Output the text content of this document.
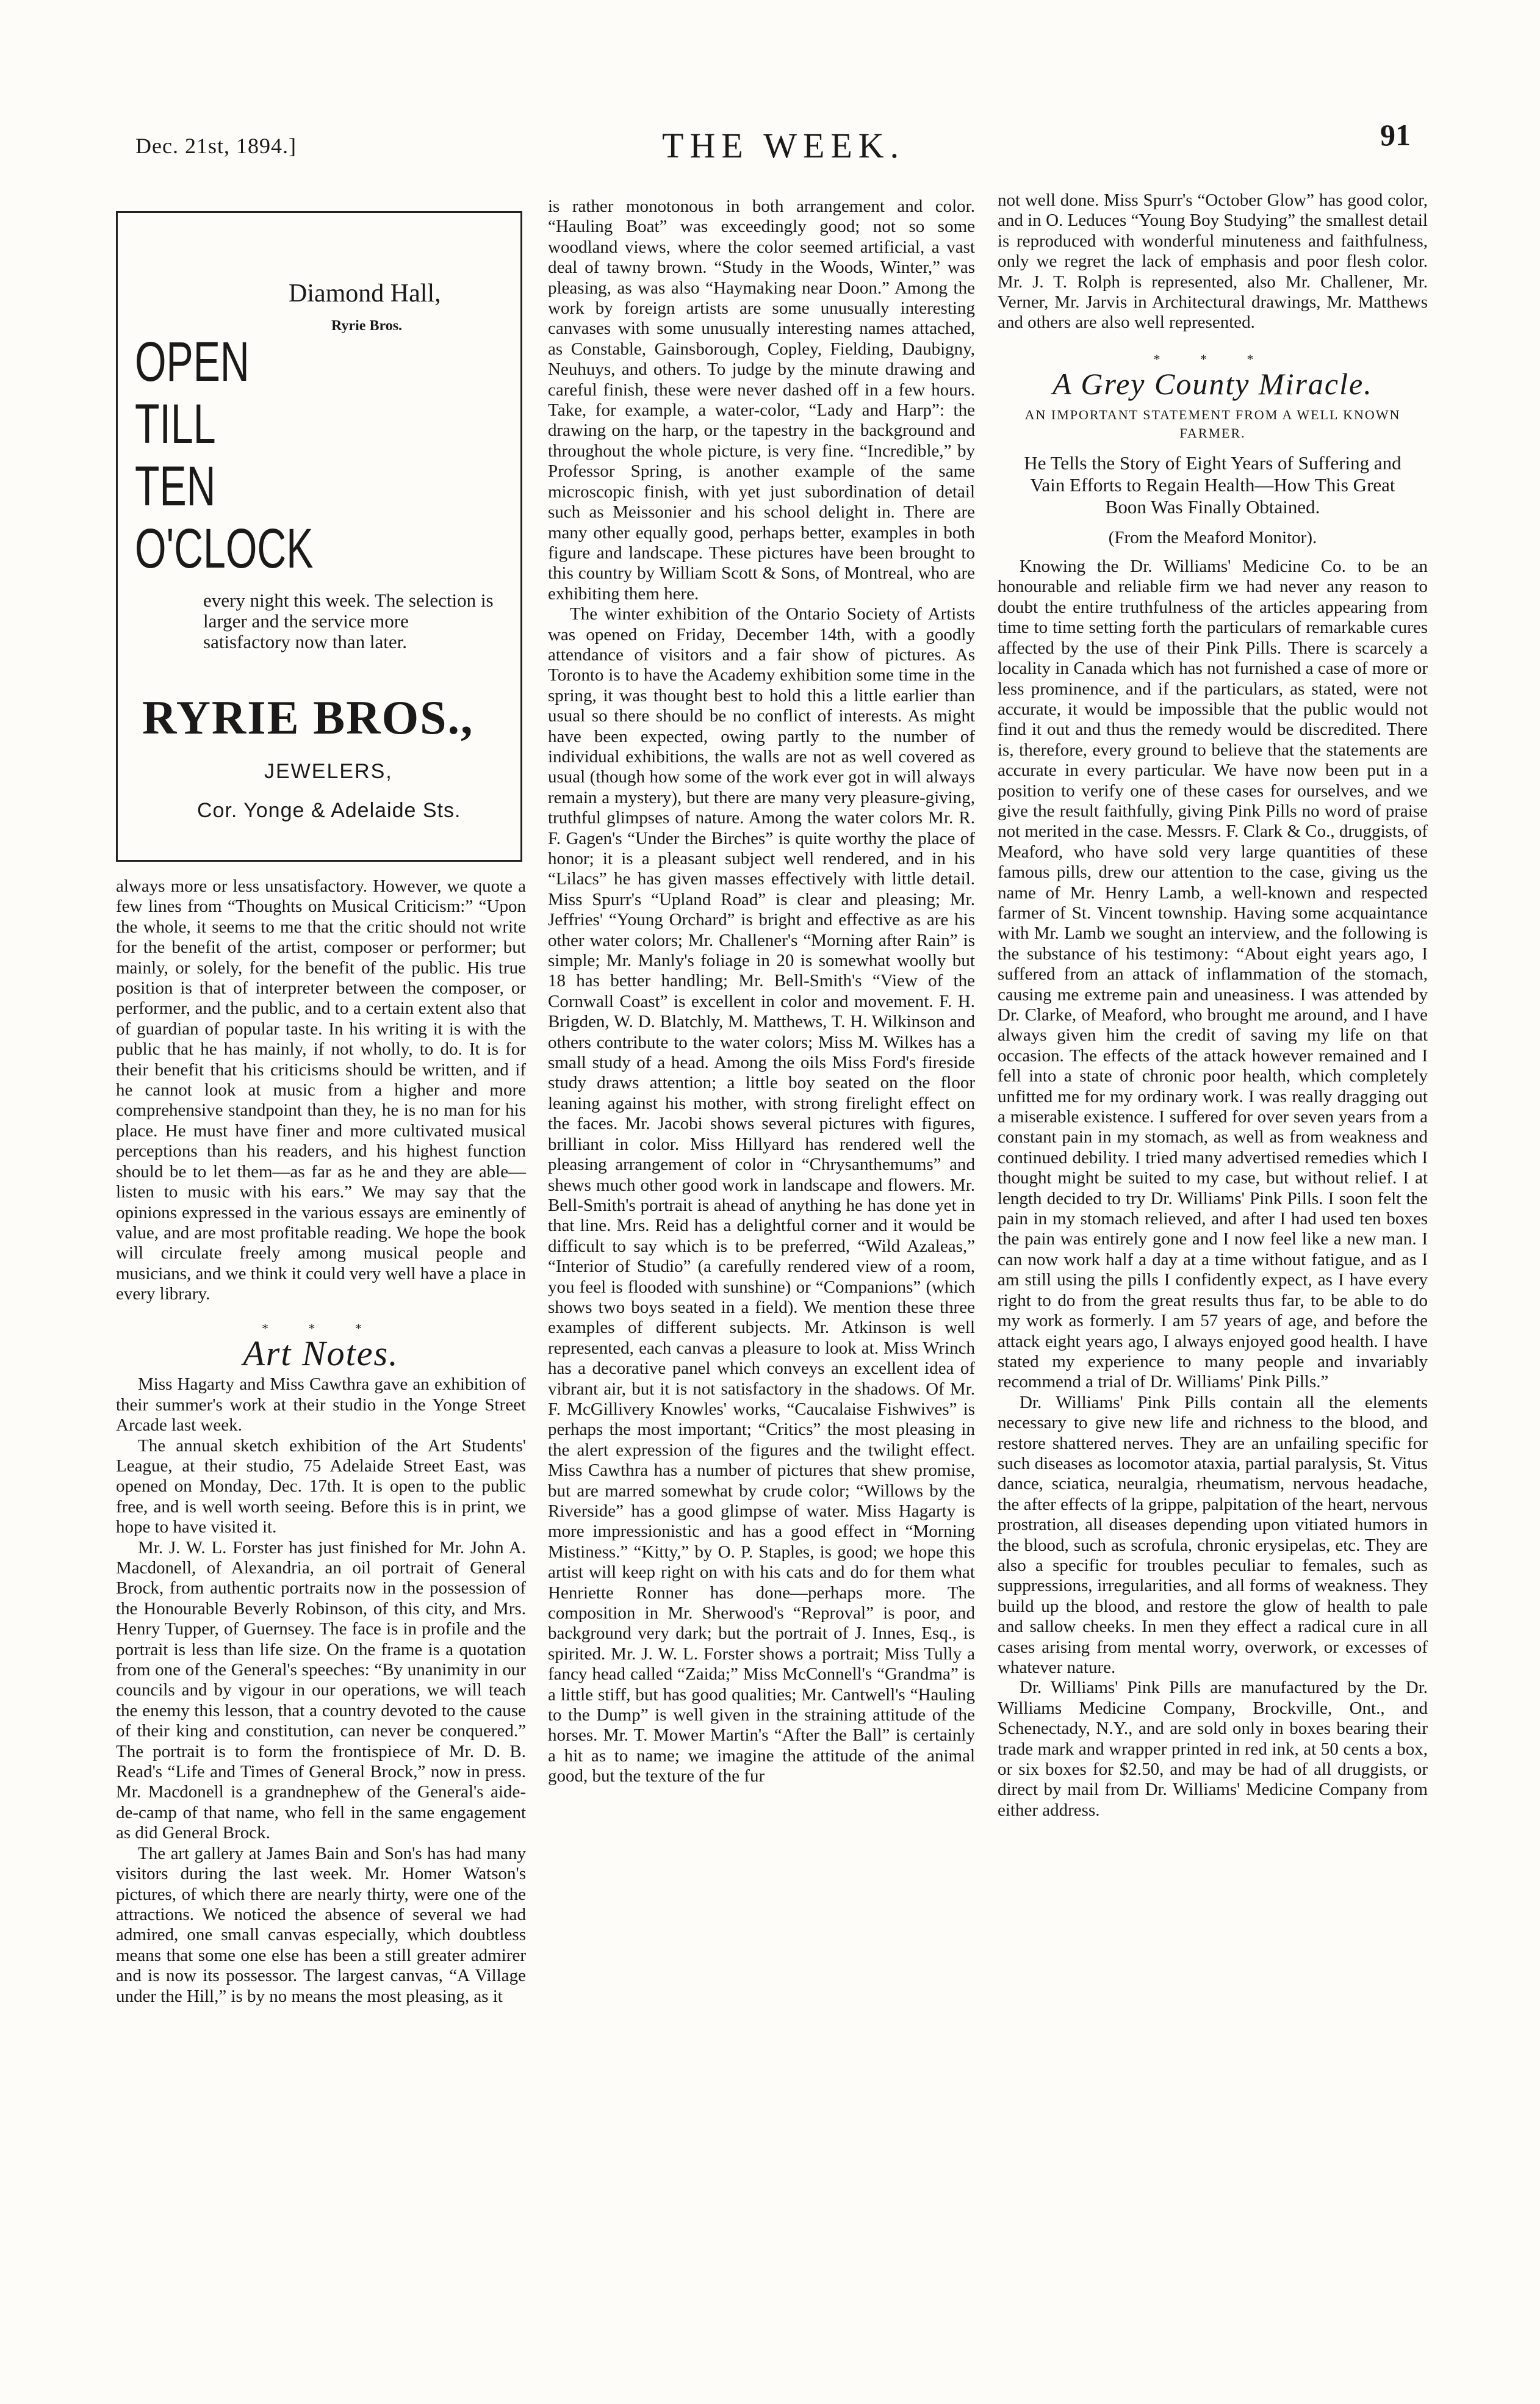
Dec. 21st, 1894.]	THE WEEK.	91
Diamond Hall,
Ryrie Bros.
OPEN
TILL
TEN
O'CLOCK
every night this week. The selection is larger and the service more satisfactory now than later.
RYRIE BROS.,
JEWELERS,
Cor. Yonge & Adelaide Sts.

always more or less unsatisfactory. However, we quote a few lines from “Thoughts on Musical Criticism:” “Upon the whole, it seems to me that the critic should not write for the benefit of the artist, composer or performer; but mainly, or solely, for the benefit of the public. His true position is that of interpreter between the composer, or performer, and the public, and to a certain extent also that of guardian of popular taste. In his writing it is with the public that he has mainly, if not wholly, to do. It is for their benefit that his criticisms should be written, and if he cannot look at music from a higher and more comprehensive standpoint than they, he is no man for his place. He must have finer and more cultivated musical perceptions than his readers, and his highest function should be to let them—as far as he and they are able—listen to music with his ears.” We may say that the opinions expressed in the various essays are eminently of value, and are most profitable reading. We hope the book will circulate freely among musical people and musicians, and we think it could very well have a place in every library.

* * *
Art Notes.

Miss Hagarty and Miss Cawthra gave an exhibition of their summer's work at their studio in the Yonge Street Arcade last week.

The annual sketch exhibition of the Art Students' League, at their studio, 75 Adelaide Street East, was opened on Monday, Dec. 17th. It is open to the public free, and is well worth seeing. Before this is in print, we hope to have visited it.

Mr. J. W. L. Forster has just finished for Mr. John A. Macdonell, of Alexandria, an oil portrait of General Brock, from authentic portraits now in the possession of the Honourable Beverly Robinson, of this city, and Mrs. Henry Tupper, of Guernsey. The face is in profile and the portrait is less than life size. On the frame is a quotation from one of the General's speeches: “By unanimity in our councils and by vigour in our operations, we will teach the enemy this lesson, that a country devoted to the cause of their king and constitution, can never be conquered.” The portrait is to form the frontispiece of Mr. D. B. Read's “Life and Times of General Brock,” now in press. Mr. Macdonell is a grandnephew of the General's aide-de-camp of that name, who fell in the same engagement as did General Brock.

The art gallery at James Bain and Son's has had many visitors during the last week. Mr. Homer Watson's pictures, of which there are nearly thirty, were one of the attractions. We noticed the absence of several we had admired, one small canvas especially, which doubtless means that some one else has been a still greater admirer and is now its possessor. The largest canvas, “A Village under the Hill,” is by no means the most pleasing, as it

is rather monotonous in both arrangement and color. “Hauling Boat” was exceedingly good; not so some woodland views, where the color seemed artificial, a vast deal of tawny brown. “Study in the Woods, Winter,” was pleasing, as was also “Haymaking near Doon.” Among the work by foreign artists are some unusually interesting canvases with some unusually interesting names attached, as Constable, Gainsborough, Copley, Fielding, Daubigny, Neuhuys, and others. To judge by the minute drawing and careful finish, these were never dashed off in a few hours. Take, for example, a water-color, “Lady and Harp”: the drawing on the harp, or the tapestry in the background and throughout the whole picture, is very fine. “Incredible,” by Professor Spring, is another example of the same microscopic finish, with yet just subordination of detail such as Meissonier and his school delight in. There are many other equally good, perhaps better, examples in both figure and landscape. These pictures have been brought to this country by William Scott & Sons, of Montreal, who are exhibiting them here.

The winter exhibition of the Ontario Society of Artists was opened on Friday, December 14th, with a goodly attendance of visitors and a fair show of pictures. As Toronto is to have the Academy exhibition some time in the spring, it was thought best to hold this a little earlier than usual so there should be no conflict of interests. As might have been expected, owing partly to the number of individual exhibitions, the walls are not as well covered as usual (though how some of the work ever got in will always remain a mystery), but there are many very pleasure-giving, truthful glimpses of nature. Among the water colors Mr. R. F. Gagen's “Under the Birches” is quite worthy the place of honor; it is a pleasant subject well rendered, and in his “Lilacs” he has given masses effectively with little detail. Miss Spurr's “Upland Road” is clear and pleasing; Mr. Jeffries' “Young Orchard” is bright and effective as are his other water colors; Mr. Challener's “Morning after Rain” is simple; Mr. Manly's foliage in 20 is somewhat woolly but 18 has better handling; Mr. Bell-Smith's “View of the Cornwall Coast” is excellent in color and movement. F. H. Brigden, W. D. Blatchly, M. Matthews, T. H. Wilkinson and others contribute to the water colors; Miss M. Wilkes has a small study of a head. Among the oils Miss Ford's fireside study draws attention; a little boy seated on the floor leaning against his mother, with strong firelight effect on the faces. Mr. Jacobi shows several pictures with figures, brilliant in color. Miss Hillyard has rendered well the pleasing arrangement of color in “Chrysanthemums” and shews much other good work in landscape and flowers. Mr. Bell-Smith's portrait is ahead of anything he has done yet in that line. Mrs. Reid has a delightful corner and it would be difficult to say which is to be preferred, “Wild Azaleas,” “Interior of Studio” (a carefully rendered view of a room, you feel is flooded with sunshine) or “Companions” (which shows two boys seated in a field). We mention these three examples of different subjects. Mr. Atkinson is well represented, each canvas a pleasure to look at. Miss Wrinch has a decorative panel which conveys an excellent idea of vibrant air, but it is not satisfactory in the shadows. Of Mr. F. McGillivery Knowles' works, “Caucalaise Fishwives” is perhaps the most important; “Critics” the most pleasing in the alert expression of the figures and the twilight effect. Miss Cawthra has a number of pictures that shew promise, but are marred somewhat by crude color; “Willows by the Riverside” has a good glimpse of water. Miss Hagarty is more impressionistic and has a good effect in “Morning Mistiness.” “Kitty,” by O. P. Staples, is good; we hope this artist will keep right on with his cats and do for them what Henriette Ronner has done—perhaps more. The composition in Mr. Sherwood's “Reproval” is poor, and background very dark; but the portrait of J. Innes, Esq., is spirited. Mr. J. W. L. Forster shows a portrait; Miss Tully a fancy head called “Zaida;” Miss McConnell's “Grandma” is a little stiff, but has good qualities; Mr. Cantwell's “Hauling to the Dump” is well given in the straining attitude of the horses. Mr. T. Mower Martin's “After the Ball” is certainly a hit as to name; we imagine the attitude of the animal good, but the texture of the fur

not well done. Miss Spurr's “October Glow” has good color, and in O. Leduces “Young Boy Studying” the smallest detail is reproduced with wonderful minuteness and faithfulness, only we regret the lack of emphasis and poor flesh color. Mr. J. T. Rolph is represented, also Mr. Challener, Mr. Verner, Mr. Jarvis in Architectural drawings, Mr. Matthews and others are also well represented.

* * *
A Grey County Miracle.
AN IMPORTANT STATEMENT FROM A WELL KNOWN FARMER.
He Tells the Story of Eight Years of Suffering and Vain Efforts to Regain Health—How This Great Boon Was Finally Obtained.
(From the Meaford Monitor).

Knowing the Dr. Williams' Medicine Co. to be an honourable and reliable firm we had never any reason to doubt the entire truthfulness of the articles appearing from time to time setting forth the particulars of remarkable cures affected by the use of their Pink Pills. There is scarcely a locality in Canada which has not furnished a case of more or less prominence, and if the particulars, as stated, were not accurate, it would be impossible that the public would not find it out and thus the remedy would be discredited. There is, therefore, every ground to believe that the statements are accurate in every particular. We have now been put in a position to verify one of these cases for ourselves, and we give the result faithfully, giving Pink Pills no word of praise not merited in the case. Messrs. F. Clark & Co., druggists, of Meaford, who have sold very large quantities of these famous pills, drew our attention to the case, giving us the name of Mr. Henry Lamb, a well-known and respected farmer of St. Vincent township. Having some acquaintance with Mr. Lamb we sought an interview, and the following is the substance of his testimony: “About eight years ago, I suffered from an attack of inflammation of the stomach, causing me extreme pain and uneasiness. I was attended by Dr. Clarke, of Meaford, who brought me around, and I have always given him the credit of saving my life on that occasion. The effects of the attack however remained and I fell into a state of chronic poor health, which completely unfitted me for my ordinary work. I was really dragging out a miserable existence. I suffered for over seven years from a constant pain in my stomach, as well as from weakness and continued debility. I tried many advertised remedies which I thought might be suited to my case, but without relief. I at length decided to try Dr. Williams' Pink Pills. I soon felt the pain in my stomach relieved, and after I had used ten boxes the pain was entirely gone and I now feel like a new man. I can now work half a day at a time without fatigue, and as I am still using the pills I confidently expect, as I have every right to do from the great results thus far, to be able to do my work as formerly. I am 57 years of age, and before the attack eight years ago, I always enjoyed good health. I have stated my experience to many people and invariably recommend a trial of Dr. Williams' Pink Pills.”

Dr. Williams' Pink Pills contain all the elements necessary to give new life and richness to the blood, and restore shattered nerves. They are an unfailing specific for such diseases as locomotor ataxia, partial paralysis, St. Vitus dance, sciatica, neuralgia, rheumatism, nervous headache, the after effects of la grippe, palpitation of the heart, nervous prostration, all diseases depending upon vitiated humors in the blood, such as scrofula, chronic erysipelas, etc. They are also a specific for troubles peculiar to females, such as suppressions, irregularities, and all forms of weakness. They build up the blood, and restore the glow of health to pale and sallow cheeks. In men they effect a radical cure in all cases arising from mental worry, overwork, or excesses of whatever nature.

Dr. Williams' Pink Pills are manufactured by the Dr. Williams Medicine Company, Brockville, Ont., and Schenectady, N.Y., and are sold only in boxes bearing their trade mark and wrapper printed in red ink, at 50 cents a box, or six boxes for $2.50, and may be had of all druggists, or direct by mail from Dr. Williams' Medicine Company from either address.
